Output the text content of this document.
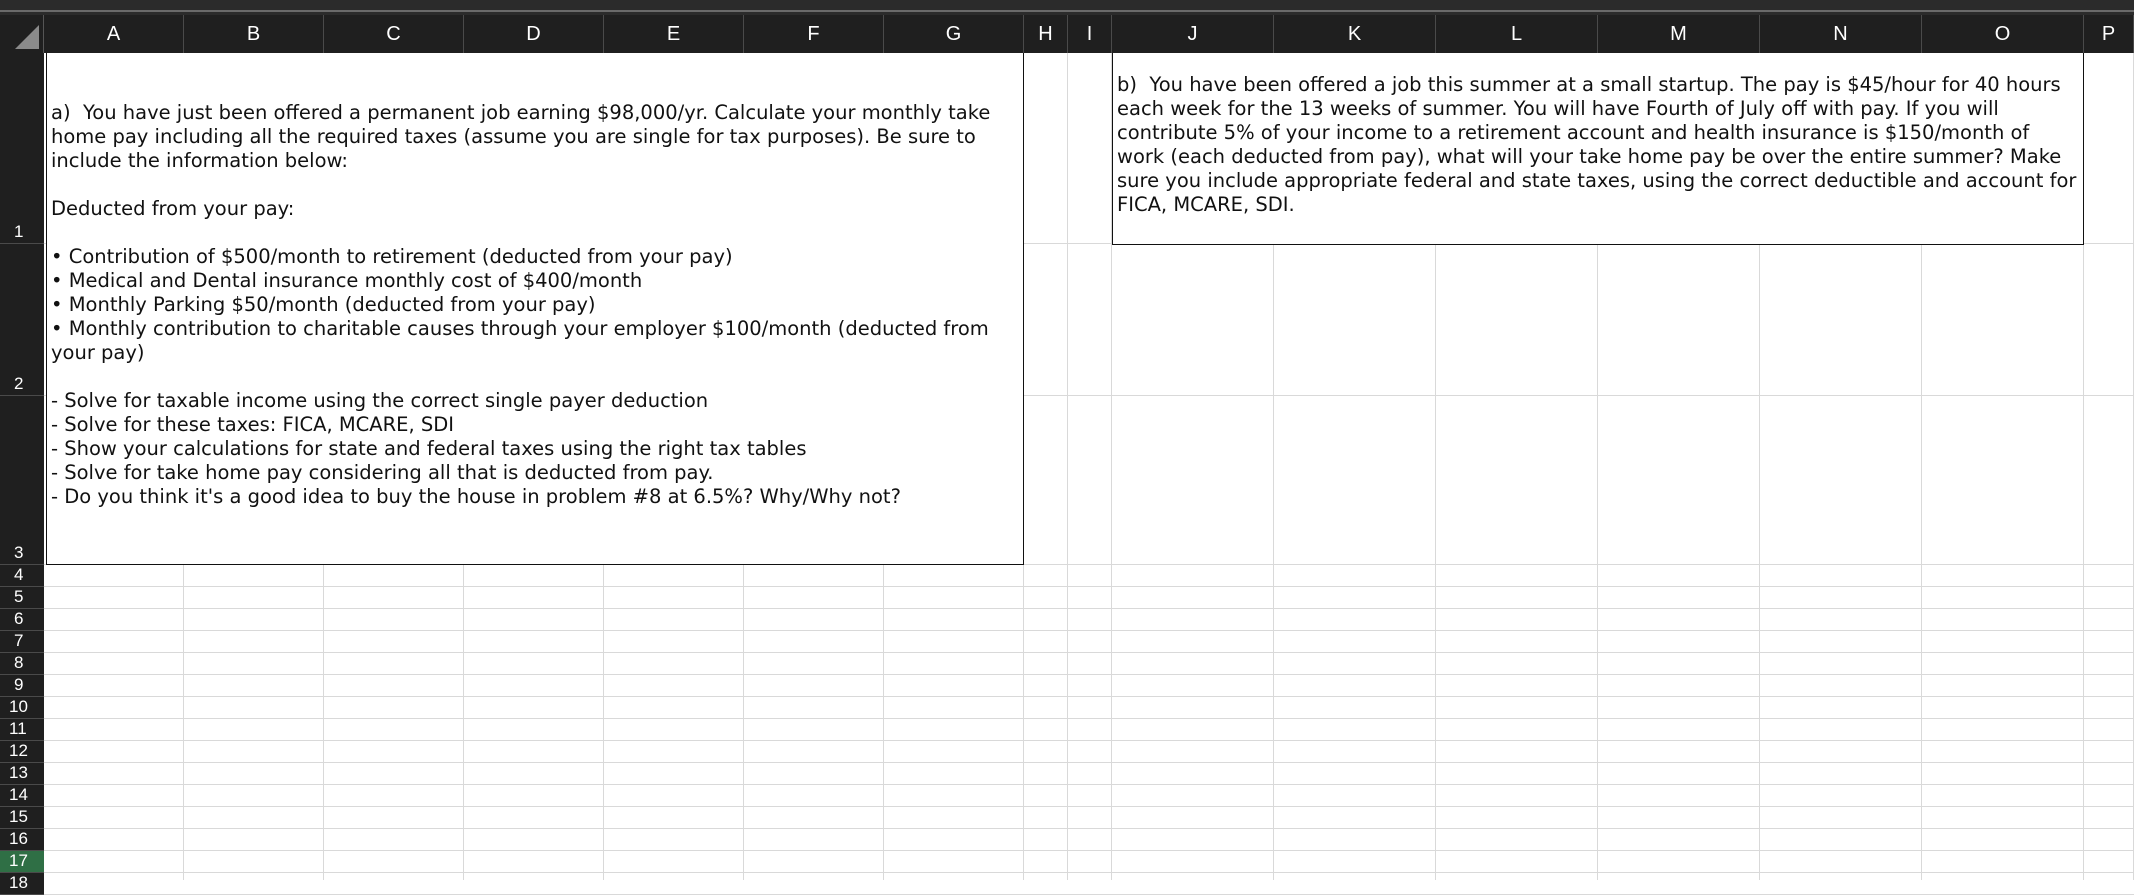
A	B	C	D	E	F	G	H	I	J	K	L	M	N	O	P
1
2
3
4
5
6
7
8
9
10
11
12
13
14
15
16
17
18
a)  You have just been offered a permanent job earning $98,000/yr. Calculate your monthly take home pay including all the required taxes (assume you are single for tax purposes). Be sure to include the information below:

Deducted from your pay:

• Contribution of $500/month to retirement (deducted from your pay)
• Medical and Dental insurance monthly cost of $400/month
• Monthly Parking $50/month (deducted from your pay)
• Monthly contribution to charitable causes through your employer $100/month (deducted from your pay)

- Solve for taxable income using the correct single payer deduction
- Solve for these taxes: FICA, MCARE, SDI
- Show your calculations for state and federal taxes using the right tax tables
- Solve for take home pay considering all that is deducted from pay.
- Do you think it's a good idea to buy the house in problem #8 at 6.5%? Why/Why not?
b)  You have been offered a job this summer at a small startup. The pay is $45/hour for 40 hours each week for the 13 weeks of summer. You will have Fourth of July off with pay. If you will contribute 5% of your income to a retirement account and health insurance is $150/month of work (each deducted from pay), what will your take home pay be over the entire summer? Make sure you include appropriate federal and state taxes, using the correct deductible and account for FICA, MCARE, SDI.
